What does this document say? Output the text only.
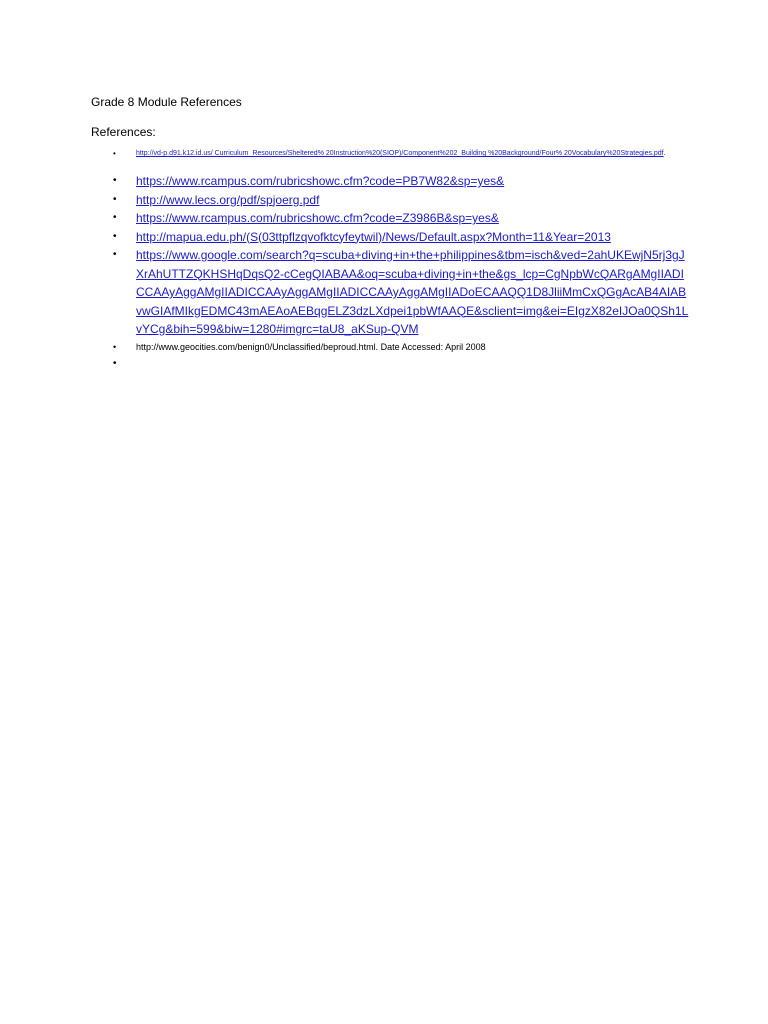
Grade 8 Module References

References:

•	http://vd-p.d91.k12.id.us/ Curriculum_Resources/Sheltered% 20Instruction%20(SIOP)/Component%202_Building %20Background/Four% 20Vocabulary%20Strategies.pdf.
• https://www.rcampus.com/rubricshowc.cfm?code=PB7W82&sp=yes&
• http://www.lecs.org/pdf/spjoerg.pdf
• https://www.rcampus.com/rubricshowc.cfm?code=Z3986B&sp=yes&
• http://mapua.edu.ph/(S(03ttpflzqvofktcyfeytwil)/News/Default.aspx?Month=11&Year=2013
• https://www.google.com/search?q=scuba+diving+in+the+philippines&tbm=isch&ved=2ahUKEwjN5rj3gJXrAhUTTZQKHSHqDqsQ2-cCegQIABAA&oq=scuba+diving+in+the&gs_lcp=CgNpbWcQARgAMgIIADICCAAyAggAMgIIADICCAAyAggAMgIIADICCAAyAggAMgIIADoECAAQQ1D8JliiMmCxQGgAcAB4AIABvwGIAfMIkgEDMC43mAEAoAEBqgELZ3dzLXdpei1pbWfAAQE&sclient=img&ei=EIgzX82eIJOa0QSh1LvYCg&bih=599&biw=1280#imgrc=taU8_aKSup-QVM
• http://www.geocities.com/benign0/Unclassified/beproud.html. Date Accessed: April 2008
•
